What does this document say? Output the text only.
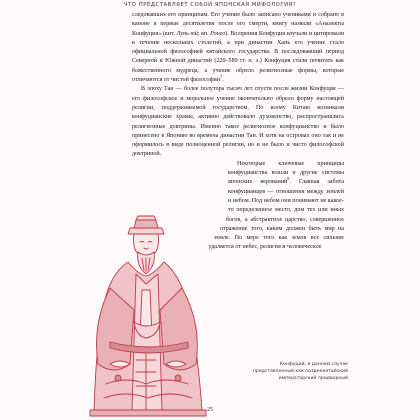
ЧТО ПРЕДСТАВЛЯЕТ СОБОЙ ЯПОНСКАЯ МИФОЛОГИЯ?

следовавших его принципам. Его учение было записано учениками и собрано в каноне в первые десятилетия после его смерти, книгу назвали «Аналекты Конфуция» (кит. Лунь юй; яп. Ронго). Воззрения Конфуция изучали и цитировали в течение нескольких столетий, а при династии Хань его учение стало официальной философией китайского государства. В последовавший период Северной и Южной династий (220–589 гг. н. э.) Конфуция стали почитать как божественного мудреца, а учение обрело религиозные формы, которые отличаются от чистой философии$^7$.

В эпоху Тан — более полутора тысяч лет спустя после жизни Конфуция — его философское и моральное учение окончательно обрело форму настоящей религии, поддерживаемой государством. По всему Китаю возникали конфуцианские храмы, активно действовало духовенство, распространялись религиозные доктрины. Именно такое религиозное конфуцианство и было принесено в Японию во времена династии Тан. И хотя на островах оно так и не оформилось в виде полноценной религии, но и не было и чисто философской доктриной.

Некоторые ключевые принципы конфуцианства вошли в другие системы японских верований$^8$. Главная забота конфуцианцев — отношения между землей и небом. Под небом они понимают не какое-то определенное место, дом тех или иных богов, а абстрактное царство, совершенное отражение того, каким должен быть мир на земле. По мере того как земля все сильнее удаляется от небес, религия и человеческое

Конфуций, в данном случае представленный как позднекитайский императорский придворный
25
